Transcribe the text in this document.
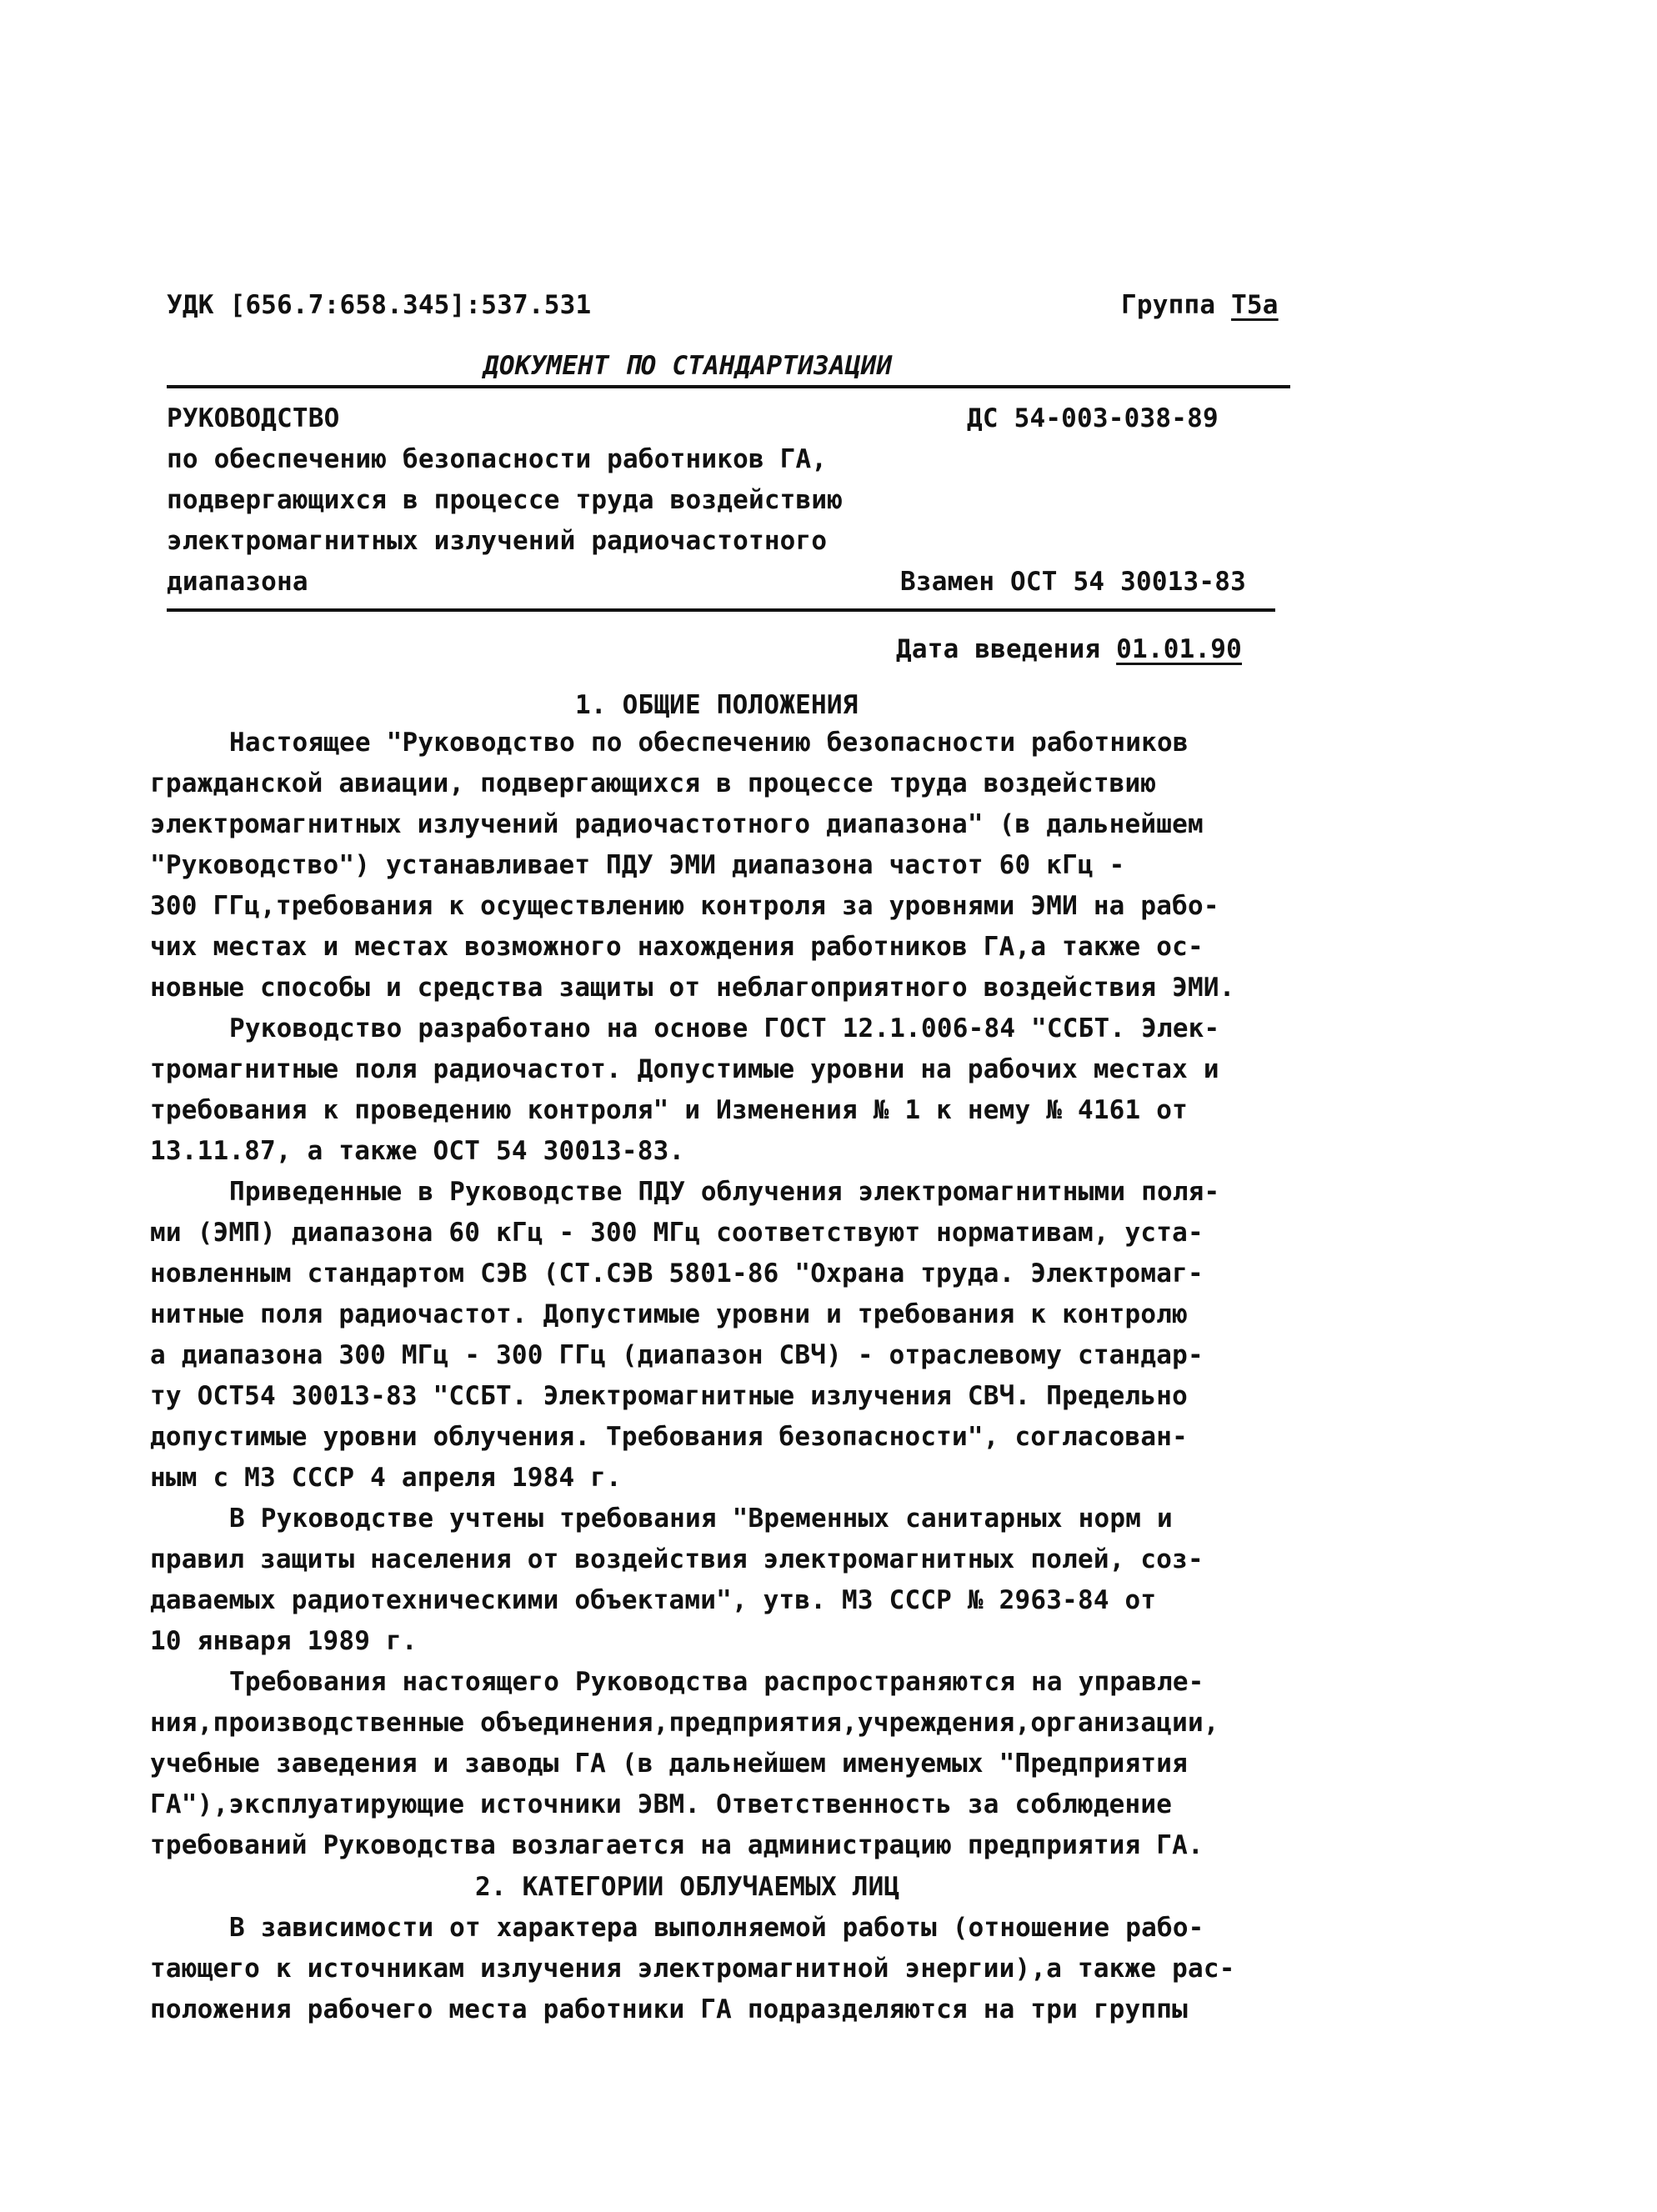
УДК [656.7:658.345]:537.531	Группа Т5а
ДОКУМЕНТ ПО СТАНДАРТИЗАЦИИ
РУКОВОДСТВО
по обеспечению безопасности работников ГА,
подвергающихся в процессе труда воздействию
электромагнитных излучений радиочастотного
диапазона
ДС 54-003-038-89
Взамен ОСТ 54 30013-83
Дата введения 01.01.90
1. ОБЩИЕ ПОЛОЖЕНИЯ
Настоящее "Руководство по обеспечению безопасности работников
гражданской авиации, подвергающихся в процессе труда воздействию
электромагнитных излучений радиочастотного диапазона" (в дальнейшем
"Руководство") устанавливает ПДУ ЭМИ диапазона частот 60 кГц -
300 ГГц,требования к осуществлению контроля за уровнями ЭМИ на рабо-
чих местах и местах возможного нахождения работников ГА,а также ос-
новные способы и средства защиты от неблагоприятного воздействия ЭМИ.
Руководство разработано на основе ГОСТ 12.1.006-84 "ССБТ. Элек-
тромагнитные поля радиочастот. Допустимые уровни на рабочих местах и
требования к проведению контроля" и Изменения № 1 к нему № 4161 от
13.11.87, а также ОСТ 54 30013-83.
Приведенные в Руководстве ПДУ облучения электромагнитными поля-
ми (ЭМП) диапазона 60 кГц - 300 МГц соответствуют нормативам, уста-
новленным стандартом СЭВ (СТ.СЭВ 5801-86 "Охрана труда. Электромаг-
нитные поля радиочастот. Допустимые уровни и требования к контролю
а диапазона 300 МГц - 300 ГГц (диапазон СВЧ) - отраслевому стандар-
ту ОСТ54 30013-83 "ССБТ. Электромагнитные излучения СВЧ. Предельно
допустимые уровни облучения. Требования безопасности", согласован-
ным с МЗ СССР 4 апреля 1984 г.
В Руководстве учтены требования "Временных санитарных норм и
правил защиты населения от воздействия электромагнитных полей, соз-
даваемых радиотехническими объектами", утв. МЗ СССР № 2963-84 от
10 января 1989 г.
Требования настоящего Руководства распространяются на управле-
ния,производственные объединения,предприятия,учреждения,организации,
учебные заведения и заводы ГА (в дальнейшем именуемых "Предприятия
ГА"),эксплуатирующие источники ЭВМ. Ответственность за соблюдение
требований Руководства возлагается на администрацию предприятия ГА.
2. КАТЕГОРИИ ОБЛУЧАЕМЫХ ЛИЦ
В зависимости от характера выполняемой работы (отношение рабо-
тающего к источникам излучения электромагнитной энергии),а также рас-
положения рабочего места работники ГА подразделяются на три группы
